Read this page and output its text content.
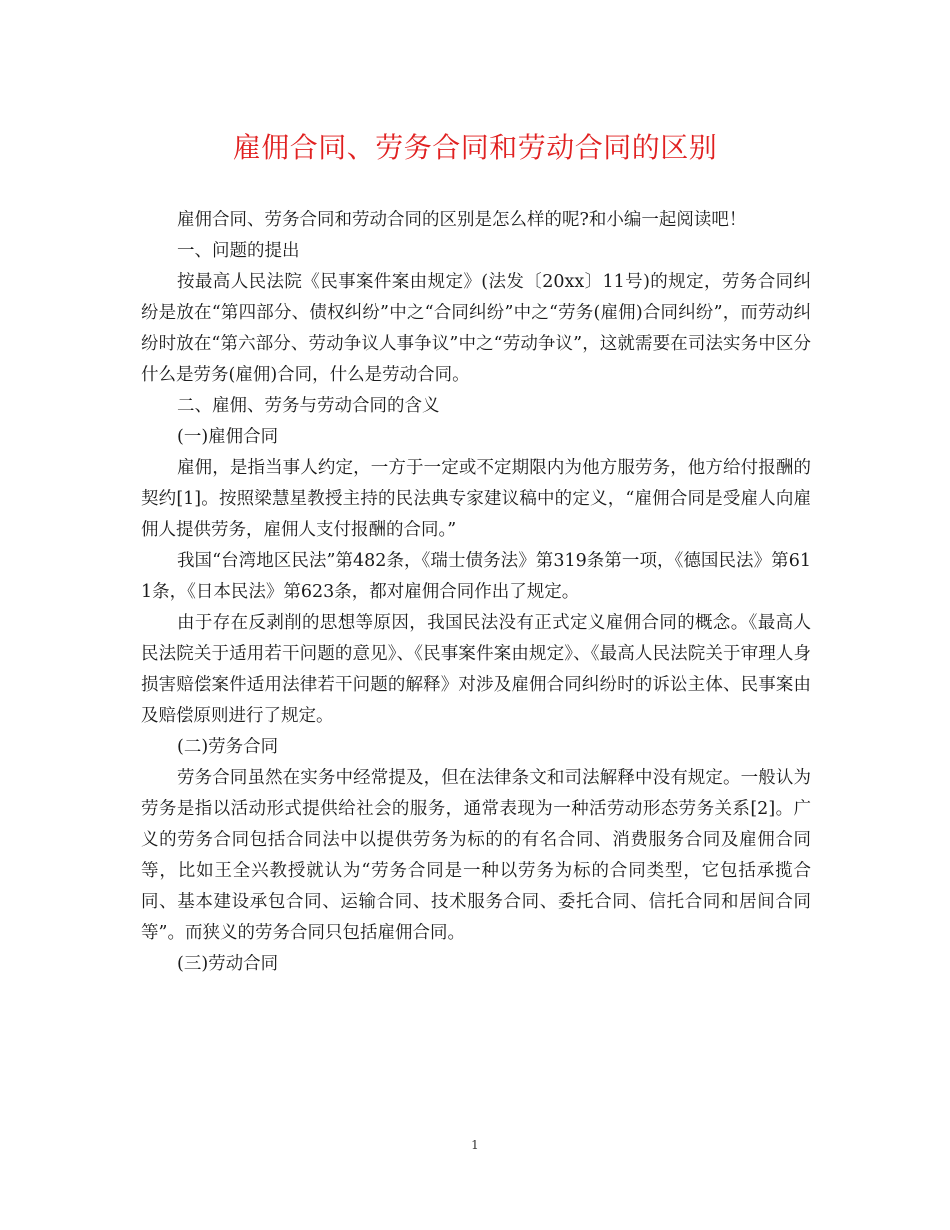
雇佣合同、劳务合同和劳动合同的区别

雇佣合同、劳务合同和劳动合同的区别是怎么样的呢?和小编一起阅读吧！

一、问题的提出

按最高人民法院《民事案件案由规定》(法发〔20xx〕11号)的规定，劳务合同纠纷是放在“第四部分、债权纠纷”中之“合同纠纷”中之“劳务(雇佣)合同纠纷”，而劳动纠纷时放在“第六部分、劳动争议人事争议”中之“劳动争议”，这就需要在司法实务中区分什么是劳务(雇佣)合同，什么是劳动合同。

二、雇佣、劳务与劳动合同的含义

(一)雇佣合同

雇佣，是指当事人约定，一方于一定或不定期限内为他方服劳务，他方给付报酬的契约[1]。按照梁慧星教授主持的民法典专家建议稿中的定义，“雇佣合同是受雇人向雇佣人提供劳务，雇佣人支付报酬的合同。”

我国“台湾地区民法”第482条，《瑞士债务法》第319条第一项，《德国民法》第611条，《日本民法》第623条，都对雇佣合同作出了规定。

由于存在反剥削的思想等原因，我国民法没有正式定义雇佣合同的概念。《最高人民法院关于适用若干问题的意见》、《民事案件案由规定》、《最高人民法院关于审理人身损害赔偿案件适用法律若干问题的解释》对涉及雇佣合同纠纷时的诉讼主体、民事案由及赔偿原则进行了规定。

(二)劳务合同

劳务合同虽然在实务中经常提及，但在法律条文和司法解释中没有规定。一般认为劳务是指以活动形式提供给社会的服务，通常表现为一种活劳动形态劳务关系[2]。广义的劳务合同包括合同法中以提供劳务为标的的有名合同、消费服务合同及雇佣合同等，比如王全兴教授就认为“劳务合同是一种以劳务为标的合同类型，它包括承揽合同、基本建设承包合同、运输合同、技术服务合同、委托合同、信托合同和居间合同等”。而狭义的劳务合同只包括雇佣合同。

(三)劳动合同

1
